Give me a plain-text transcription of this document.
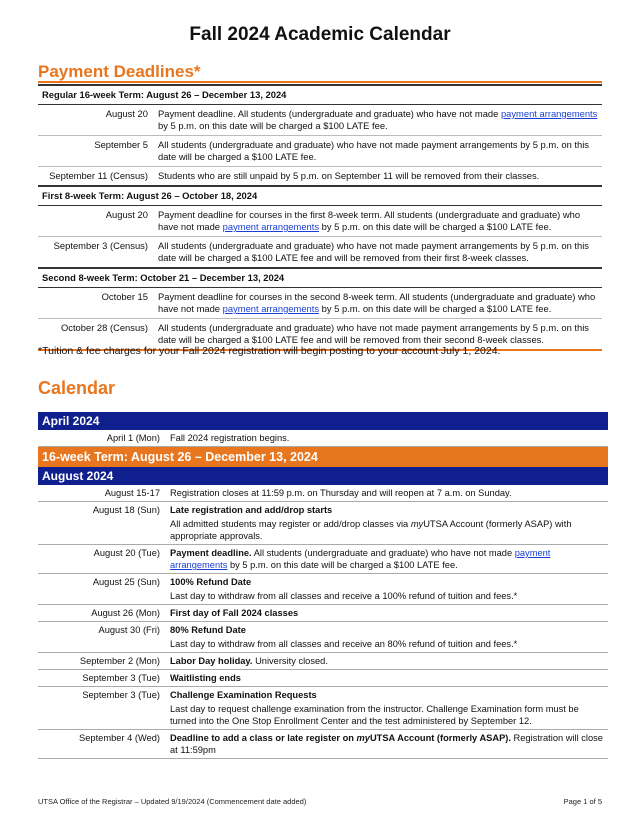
Fall 2024 Academic Calendar
Payment Deadlines*
Regular 16-week Term: August 26 – December 13, 2024	
August 20	Payment deadline. All students (undergraduate and graduate) who have not made payment arrangements by 5 p.m. on this date will be charged a $100 LATE fee.
September 5	All students (undergraduate and graduate) who have not made payment arrangements by 5 p.m. on this date will be charged a $100 LATE fee.
September 11 (Census)	Students who are still unpaid by 5 p.m. on September 11 will be removed from their classes.
First 8-week Term: August 26 – October 18, 2024	
August 20	Payment deadline for courses in the first 8-week term. All students (undergraduate and graduate) who have not made payment arrangements by 5 p.m. on this date will be charged a $100 LATE fee.
September 3 (Census)	All students (undergraduate and graduate) who have not made payment arrangements by 5 p.m. on this date will be charged a $100 LATE fee and will be removed from their first 8-week classes.
Second 8-week Term: October 21 – December 13, 2024	
October 15	Payment deadline for courses in the second 8-week term. All students (undergraduate and graduate) who have not made payment arrangements by 5 p.m. on this date will be charged a $100 LATE fee.
October 28 (Census)	All students (undergraduate and graduate) who have not made payment arrangements by 5 p.m. on this date will be charged a $100 LATE fee and will be removed from their second 8-week classes.
*Tuition & fee charges for your Fall 2024 registration will begin posting to your account July 1, 2024.
Calendar
April 2024	
April 1 (Mon)	Fall 2024 registration begins.
16-week Term: August 26 – December 13, 2024	
August 2024	
August 15-17	Registration closes at 11:59 p.m. on Thursday and will reopen at 7 a.m. on Sunday.
August 18 (Sun)	Late registration and add/drop starts
All admitted students may register or add/drop classes via myUTSA Account (formerly ASAP) with appropriate approvals.

August 20 (Tue)	Payment deadline. All students (undergraduate and graduate) who have not made payment arrangements by 5 p.m. on this date will be charged a $100 LATE fee.
August 25 (Sun)	100% Refund Date
Last day to withdraw from all classes and receive a 100% refund of tuition and fees.*

August 26 (Mon)	First day of Fall 2024 classes
August 30 (Fri)	80% Refund Date
Last day to withdraw from all classes and receive an 80% refund of tuition and fees.*

September 2 (Mon)	Labor Day holiday. University closed.
September 3 (Tue)	Waitlisting ends
September 3 (Tue)	Challenge Examination Requests
Last day to request challenge examination from the instructor. Challenge Examination form must be turned into the One Stop Enrollment Center and the test administered by September 12.

September 4 (Wed)	Deadline to add a class or late register on myUTSA Account (formerly ASAP). Registration will close at 11:59pm
UTSA Office of the Registrar – Updated 9/19/2024 (Commencement date added)	Page 1 of 5
